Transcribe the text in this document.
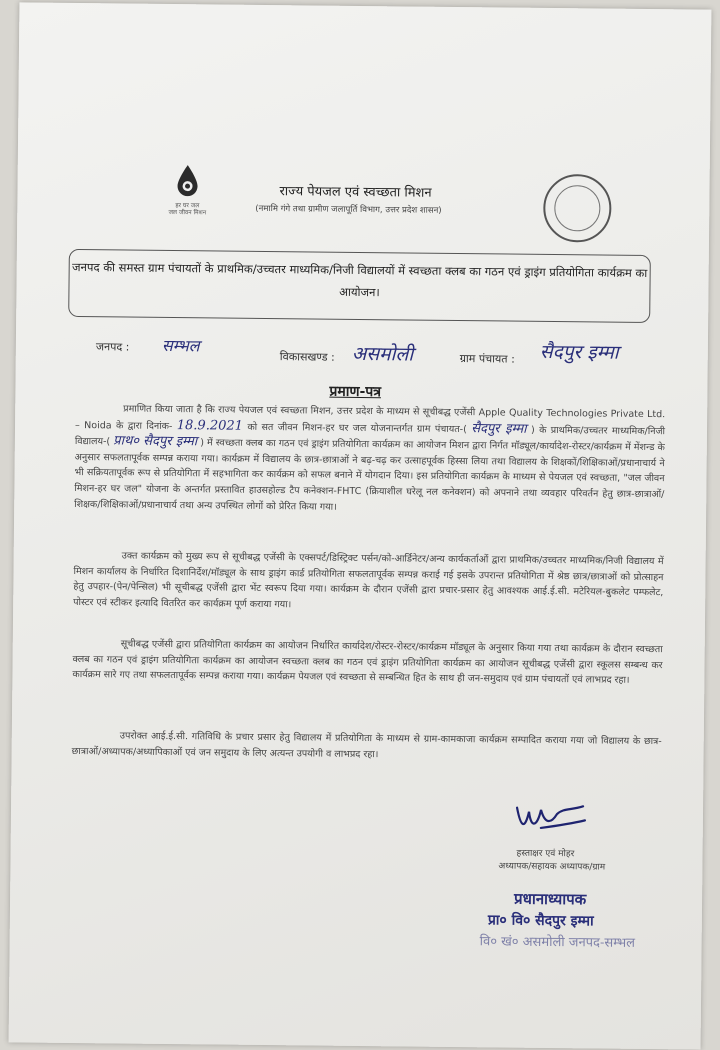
हर घर जल
जल जीवन मिशन
राज्य पेयजल एवं स्वच्छता मिशन
(नमामि गंगे तथा ग्रामीण जलापूर्ति विभाग, उत्तर प्रदेश शासन)
जनपद की समस्त ग्राम पंचायतों के प्राथमिक/उच्चतर माध्यमिक/निजी विद्यालयों में स्वच्छता क्लब का गठन एवं ड्राइंग प्रतियोगिता कार्यक्रम का आयोजन।
जनपद : सम्भल
विकासखण्ड : असमोली	ग्राम पंचायत : सैदपुर इम्मा
प्रमाण-पत्र
प्रमाणित किया जाता है कि राज्य पेयजल एवं स्वच्छता मिशन, उत्तर प्रदेश के माध्यम से सूचीबद्ध एजेंसी Apple Quality Technologies Private Ltd. – Noida के द्वारा दिनांक- 18.9.2021 को सत जीवन मिशन-हर घर जल योजनान्तर्गत ग्राम पंचायत-( सैदपुर इम्मा ) के प्राथमिक/उच्चतर माध्यमिक/निजी विद्यालय-( प्राथ० सैदपुर इम्मा ) में स्वच्छता क्लब का गठन एवं ड्राइंग प्रतियोगिता कार्यक्रम का आयोजन मिशन द्वारा निर्गत मॉड्यूल/कार्यादेश-रोस्टर/कार्यक्रम में मेंशन्ड के अनुसार सफलतापूर्वक सम्पन्न कराया गया। कार्यक्रम में विद्यालय के छात्र-छात्राओं ने बढ़-चढ़ कर उत्साहपूर्वक हिस्सा लिया तथा विद्यालय के शिक्षकों/शिक्षिकाओं/प्रधानाचार्य ने भी सक्रियतापूर्वक रूप से प्रतियोगिता में सहभागिता कर कार्यक्रम को सफल बनाने में योगदान दिया। इस प्रतियोगिता कार्यक्रम के माध्यम से पेयजल एवं स्वच्छता, "जल जीवन मिशन-हर घर जल" योजना के अन्तर्गत प्रस्तावित हाउसहोल्ड टैप कनेक्शन-FHTC (क्रियाशील घरेलू नल कनेक्शन) को अपनाने तथा व्यवहार परिवर्तन हेतु छात्र-छात्राओं/शिक्षक/शिक्षिकाओं/प्रधानाचार्य तथा अन्य उपस्थित लोगों को प्रेरित किया गया।
उक्त कार्यक्रम को मुख्य रूप से सूचीबद्ध एजेंसी के एक्सपर्ट/डिस्ट्रिक्ट पर्सन/को-आर्डिनेटर/अन्य कार्यकर्ताओं द्वारा प्राथमिक/उच्चतर माध्यमिक/निजी विद्यालय में मिशन कार्यालय के निर्धारित दिशानिर्देश/मॉड्यूल के साथ ड्राइंग कार्ड प्रतियोगिता सफलतापूर्वक सम्पन्न कराई गई इसके उपरान्त प्रतियोगिता में श्रेष्ठ छात्र/छात्राओं को प्रोत्साहन हेतु उपहार-(पेन/पेन्सिल) भी सूचीबद्ध एजेंसी द्वारा भेंट स्वरूप दिया गया। कार्यक्रम के दौरान एजेंसी द्वारा प्रचार-प्रसार हेतु आवश्यक आई.ई.सी. मटेरियल-बुकलेट पम्फलेट, पोस्टर एवं स्टीकर इत्यादि वितरित कर कार्यक्रम पूर्ण कराया गया।
सूचीबद्ध एजेंसी द्वारा प्रतियोगिता कार्यक्रम का आयोजन निर्धारित कार्यादेश/रोस्टर-रोस्टर/कार्यक्रम मॉड्यूल के अनुसार किया गया तथा कार्यक्रम के दौरान स्वच्छता क्लब का गठन एवं ड्राइंग प्रतियोगिता कार्यक्रम का आयोजन स्वच्छता क्लब का गठन एवं ड्राइंग प्रतियोगिता कार्यक्रम का आयोजन सूचीबद्ध एजेंसी द्वारा स्कूलस सम्बन्ध कर कार्यक्रम सारे गए तथा सफलतापूर्वक सम्पन्न कराया गया। कार्यक्रम पेयजल एवं स्वच्छता से सम्बन्धित हित के साथ ही जन-समुदाय एवं ग्राम पंचायतों एवं लाभप्रद रहा।
उपरोक्त आई.ई.सी. गतिविधि के प्रचार प्रसार हेतु विद्यालय में प्रतियोगिता के माध्यम से ग्राम-कामकाजा कार्यक्रम सम्पादित कराया गया जो विद्यालय के छात्र-छात्राओं/अध्यापक/अध्यापिकाओं एवं जन समुदाय के लिए अत्यन्त उपयोगी व लाभप्रद रहा।
हस्ताक्षर एवं मोहर
अध्यापक/सहायक अध्यापक/ग्राम
प्रधानाध्यापक
प्रा० वि० सैदपुर इम्मा
वि० खं० असमोली जनपद-सम्भल
